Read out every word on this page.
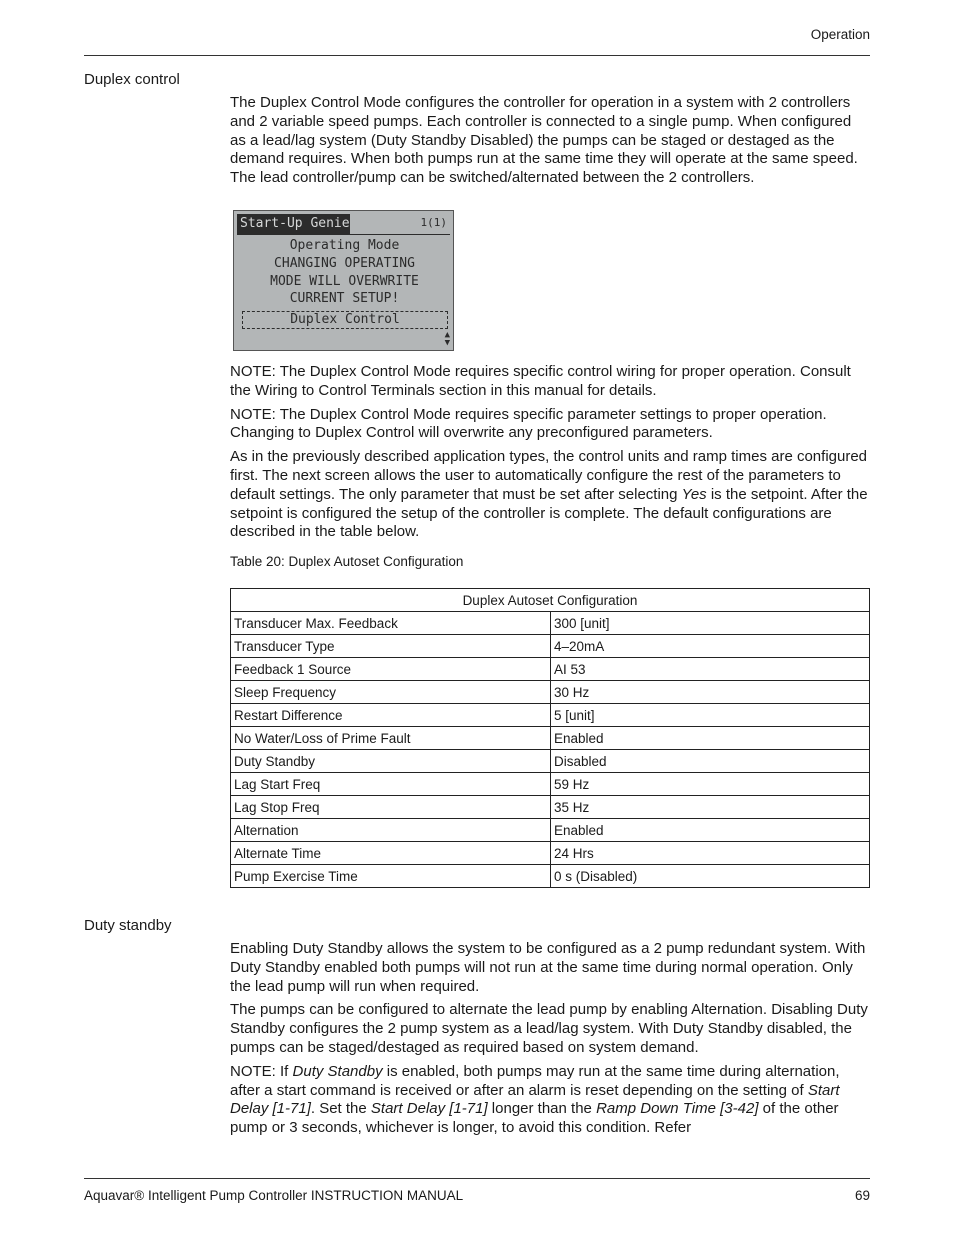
Operation
Duplex control

The Duplex Control Mode configures the controller for operation in a system with 2 controllers and 2 variable speed pumps. Each controller is connected to a single pump. When configured as a lead/lag system (Duty Standby Disabled) the pumps can be staged or destaged as the demand requires. When both pumps run at the same time they will operate at the same speed. The lead controller/pump can be switched/alternated between the 2 controllers.

Start-Up Genie	1(1)
Operating Mode
CHANGING OPERATING
MODE WILL OVERWRITE
CURRENT SETUP!
Duplex Control
▲
▼

NOTE: The Duplex Control Mode requires specific control wiring for proper operation. Consult the Wiring to Control Terminals section in this manual for details.

NOTE: The Duplex Control Mode requires specific parameter settings to proper operation. Changing to Duplex Control will overwrite any preconfigured parameters.

As in the previously described application types, the control units and ramp times are configured first. The next screen allows the user to automatically configure the rest of the parameters to default settings. The only parameter that must be set after selecting Yes is the setpoint. After the setpoint is configured the setup of the controller is complete. The default configurations are described in the table below.

Table 20: Duplex Autoset Configuration
Duplex Autoset Configuration	
Transducer Max. Feedback	300 [unit]
Transducer Type	4–20mA
Feedback 1 Source	AI 53
Sleep Frequency	30 Hz
Restart Difference	5 [unit]
No Water/Loss of Prime Fault	Enabled
Duty Standby	Disabled
Lag Start Freq	59 Hz
Lag Stop Freq	35 Hz
Alternation	Enabled
Alternate Time	24 Hrs
Pump Exercise Time	0 s (Disabled)
Duty standby

Enabling Duty Standby allows the system to be configured as a 2 pump redundant system. With Duty Standby enabled both pumps will not run at the same time during normal operation. Only the lead pump will run when required.

The pumps can be configured to alternate the lead pump by enabling Alternation. Disabling Duty Standby configures the 2 pump system as a lead/lag system. With Duty Standby disabled, the pumps can be staged/destaged as required based on system demand.

NOTE: If Duty Standby is enabled, both pumps may run at the same time during alternation, after a start command is received or after an alarm is reset depending on the setting of Start Delay [1-71]. Set the Start Delay [1-71] longer than the Ramp Down Time [3-42] of the other pump or 3 seconds, whichever is longer, to avoid this condition. Refer

Aquavar® Intelligent Pump Controller INSTRUCTION MANUAL	69
